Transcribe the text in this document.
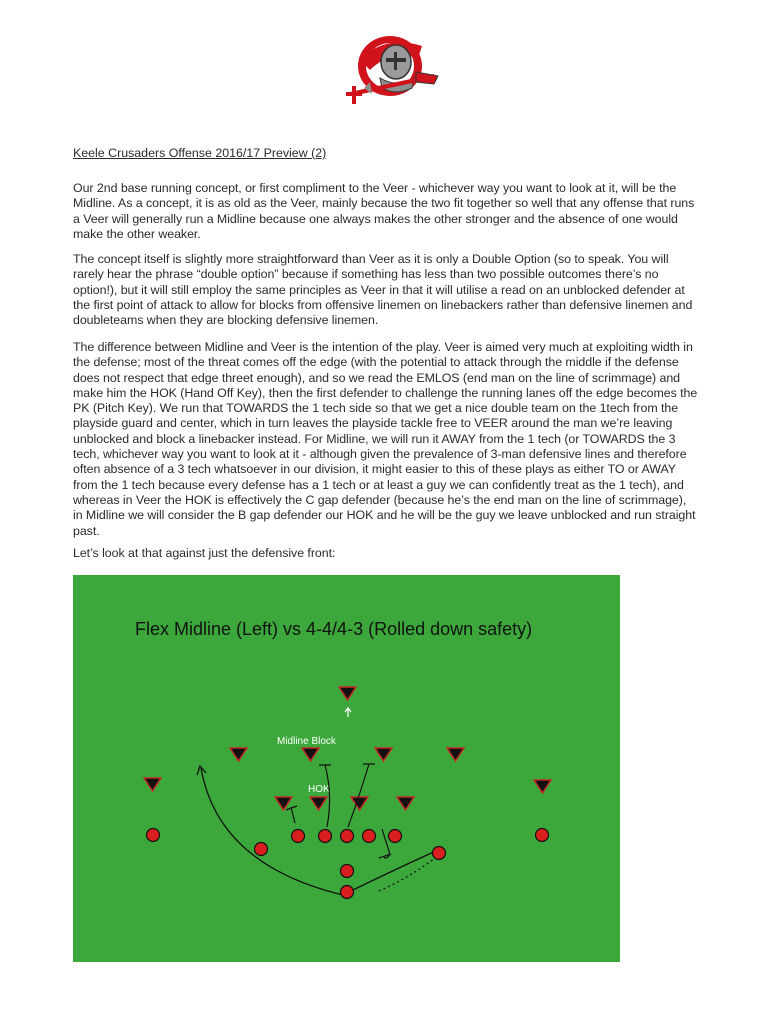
Keele Crusaders Offense 2016/17 Preview (2)

Our 2nd base running concept, or first compliment to the Veer - whichever way you want to look at it, will be the Midline. As a concept, it is as old as the Veer, mainly because the two fit together so well that any offense that runs a Veer will generally run a Midline because one always makes the other stronger and the absence of one would make the other weaker.

The concept itself is slightly more straightforward than Veer as it is only a Double Option (so to speak. You will rarely hear the phrase “double option” because if something has less than two possible outcomes there’s no option!), but it will still employ the same principles as Veer in that it will utilise a read on an unblocked defender at the first point of attack to allow for blocks from offensive linemen on linebackers rather than defensive linemen and doubleteams when they are blocking defensive linemen.

The difference between Midline and Veer is the intention of the play. Veer is aimed very much at exploiting width in the defense; most of the threat comes off the edge (with the potential to attack through the middle if the defense does not respect that edge threet enough), and so we read the EMLOS (end man on the line of scrimmage) and make him the HOK (Hand Off Key), then the first defender to challenge the running lanes off the edge becomes the PK (Pitch Key). We run that TOWARDS the 1 tech side so that we get a nice double team on the 1tech from the playside guard and center, which in turn leaves the playside tackle free to VEER around the man we’re leaving unblocked and block a linebacker instead. For Midline, we will run it AWAY from the 1 tech (or TOWARDS the 3 tech, whichever way you want to look at it - although given the prevalence of 3-man defensive lines and therefore often absence of a 3 tech whatsoever in our division, it might easier to this of these plays as either TO or AWAY from the 1 tech because every defense has a 1 tech or at least a guy we can confidently treat as the 1 tech), and whereas in Veer the HOK is effectively the C gap defender (because he’s the end man on the line of scrimmage), in Midline we will consider the B gap defender our HOK and he will be the guy we leave unblocked and run straight past.

Let’s look at that against just the defensive front:

Flex Midline (Left) vs 4-4/4-3 (Rolled down safety)
Midline Block
HOK
